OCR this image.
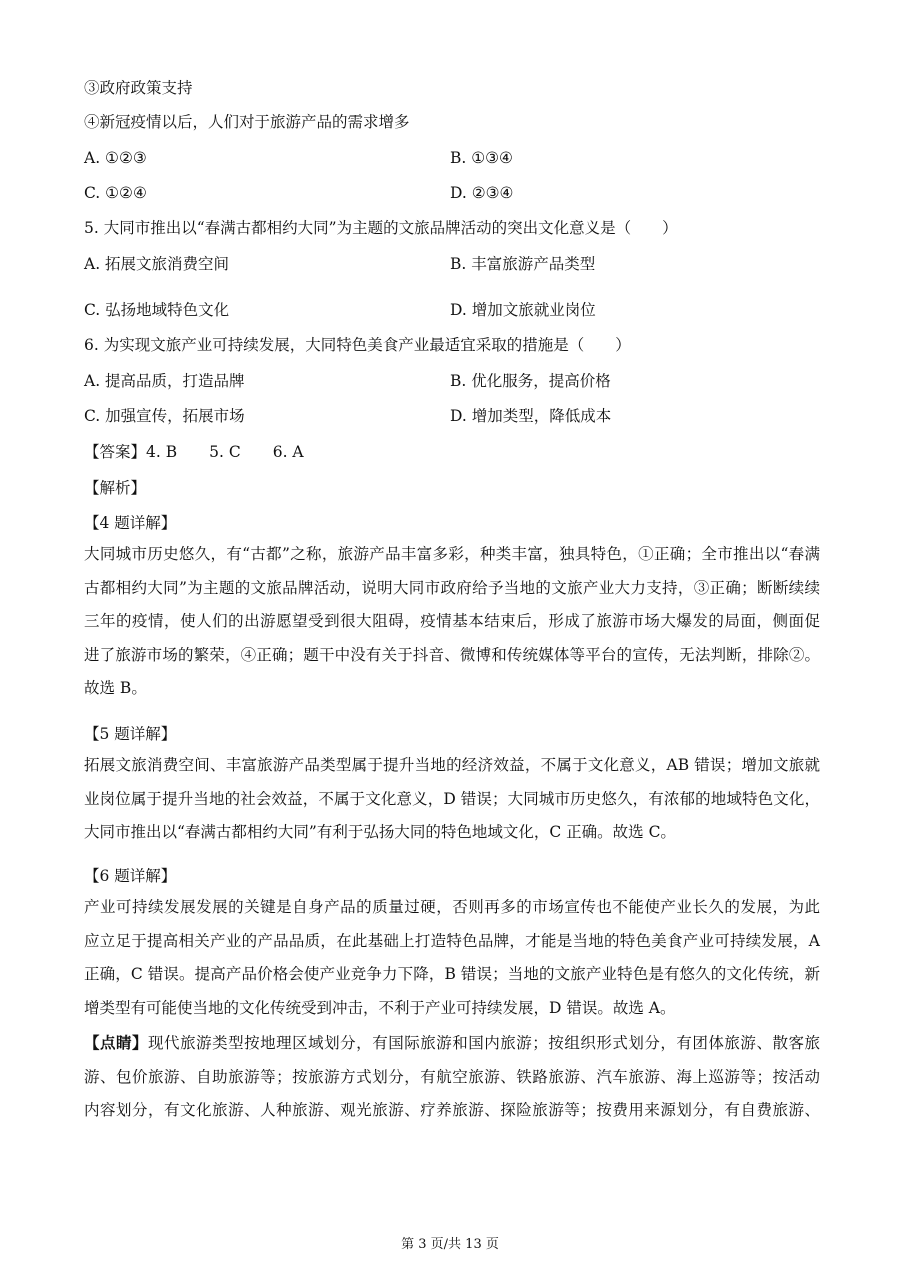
③政府政策支持
④新冠疫情以后，人们对于旅游产品的需求增多
A. ①②③	B. ①③④
C. ①②④	D. ②③④
5. 大同市推出以“春满古都相约大同”为主题的文旅品牌活动的突出文化意义是（　　）
A. 拓展文旅消费空间	B. 丰富旅游产品类型
C. 弘扬地域特色文化	D. 增加文旅就业岗位
6. 为实现文旅产业可持续发展，大同特色美食产业最适宜采取的措施是（　　）
A. 提高品质，打造品牌	B. 优化服务，提高价格
C. 加强宣传，拓展市场	D. 增加类型，降低成本
【答案】4. B 5. C 6. A
【解析】
【4 题详解】
大同城市历史悠久，有“古都”之称，旅游产品丰富多彩，种类丰富，独具特色，①正确；全市推出以“春满
古都相约大同”为主题的文旅品牌活动，说明大同市政府给予当地的文旅产业大力支持，③正确；断断续续
三年的疫情，使人们的出游愿望受到很大阻碍，疫情基本结束后，形成了旅游市场大爆发的局面，侧面促
进了旅游市场的繁荣，④正确；题干中没有关于抖音、微博和传统媒体等平台的宣传，无法判断，排除②。
故选 B。
【5 题详解】
拓展文旅消费空间、丰富旅游产品类型属于提升当地的经济效益，不属于文化意义，AB 错误；增加文旅就
业岗位属于提升当地的社会效益，不属于文化意义，D 错误；大同城市历史悠久，有浓郁的地域特色文化，
大同市推出以“春满古都相约大同”有利于弘扬大同的特色地域文化，C 正确。故选 C。
【6 题详解】
产业可持续发展发展的关键是自身产品的质量过硬，否则再多的市场宣传也不能使产业长久的发展，为此
应立足于提高相关产业的产品品质，在此基础上打造特色品牌，才能是当地的特色美食产业可持续发展，A
正确，C 错误。提高产品价格会使产业竞争力下降，B 错误；当地的文旅产业特色是有悠久的文化传统，新
增类型有可能使当地的文化传统受到冲击，不利于产业可持续发展，D 错误。故选 A。
【点睛】现代旅游类型按地理区域划分，有国际旅游和国内旅游；按组织形式划分，有团体旅游、散客旅
游、包价旅游、自助旅游等；按旅游方式划分，有航空旅游、铁路旅游、汽车旅游、海上巡游等；按活动
内容划分，有文化旅游、人种旅游、观光旅游、疗养旅游、探险旅游等；按费用来源划分，有自费旅游、
第 3 页/共 13 页
